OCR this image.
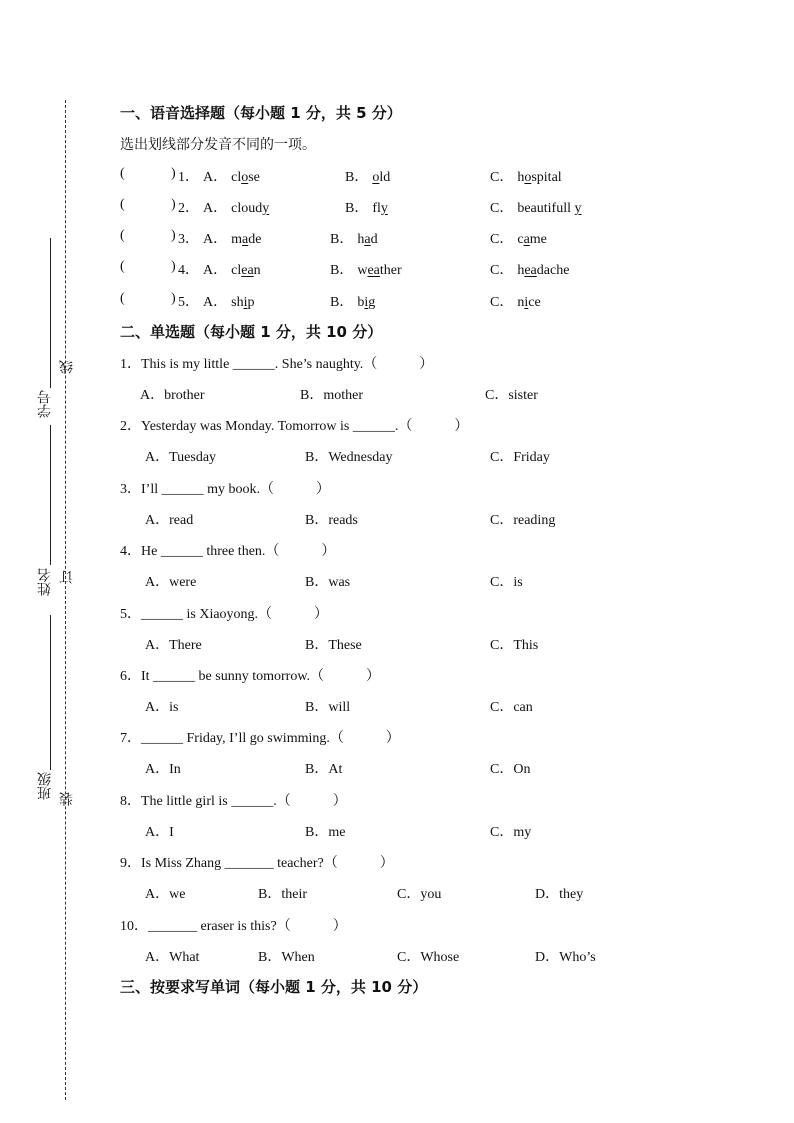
学号
姓名
班级
线
订
装
一、语音选择题（每小题 1 分，共 5 分）
选出划线部分发音不同的一项。
(	) 1． A． close	B． old	C． hospital
(	) 2． A． cloudy	B． fly	C． beautifull y
(	) 3． A． made	B． had	C． came
(	) 4． A． clean	B． weather	C． headache
(	) 5． A． ship	B． big	C． nice
二、单选题（每小题 1 分，共 10 分）
1．This is my little ______. She’s naughty.（　　　）
A．brother	B．mother	C．sister
2．Yesterday was Monday. Tomorrow is ______.（　　　）
A．Tuesday	B．Wednesday	C．Friday
3．I’ll ______ my book.（　　　）
A．read	B．reads	C．reading
4．He ______ three then.（　　　）
A．were	B．was	C．is
5．______ is Xiaoyong.（　　　）
A．There	B．These	C．This
6．It ______ be sunny tomorrow.（　　　）
A．is	B．will	C．can
7．______ Friday, I’ll go swimming.（　　　）
A．In	B．At	C．On
8．The little girl is ______.（　　　）
A．I	B．me	C．my
9．Is Miss Zhang _______ teacher?（　　　）
A．we	B．their	C．you	D．they
10．_______ eraser is this?（　　　）
A．What	B．When	C．Whose	D．Who’s
三、按要求写单词（每小题 1 分，共 10 分）
